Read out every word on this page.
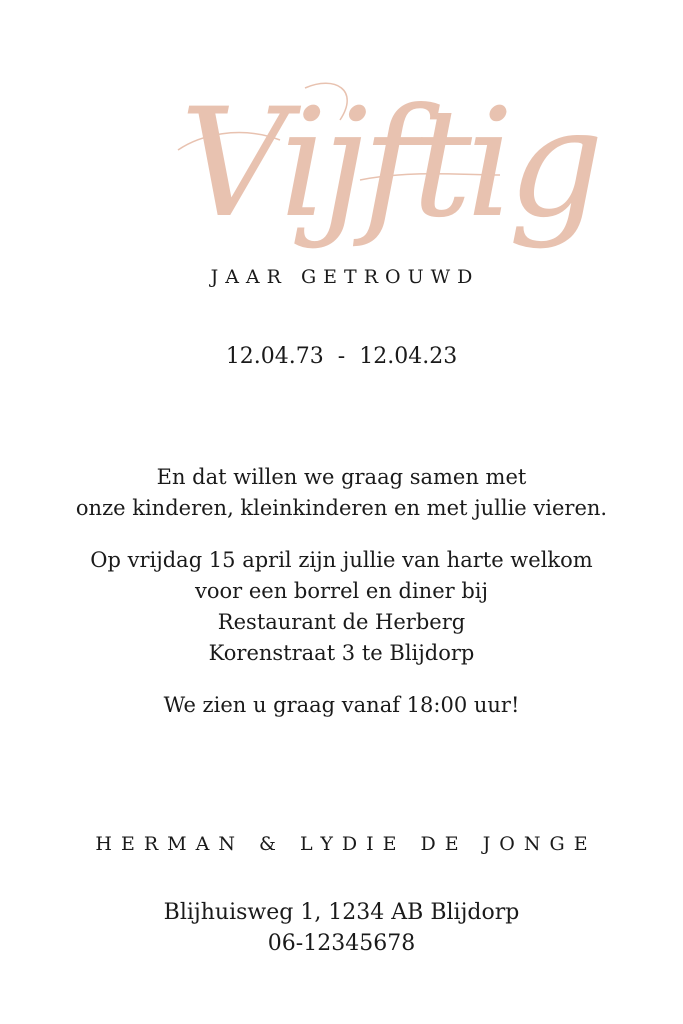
Vijftig
JAAR GETROUWD
12.04.73 - 12.04.23

En dat willen we graag samen met
onze kinderen, kleinkinderen en met jullie vieren.

Op vrijdag 15 april zijn jullie van harte welkom
voor een borrel en diner bij
Restaurant de Herberg
Korenstraat 3 te Blijdorp

We zien u graag vanaf 18:00 uur!

HERMAN & LYDIE DE JONGE
Blijhuisweg 1, 1234 AB Blijdorp
06-12345678
